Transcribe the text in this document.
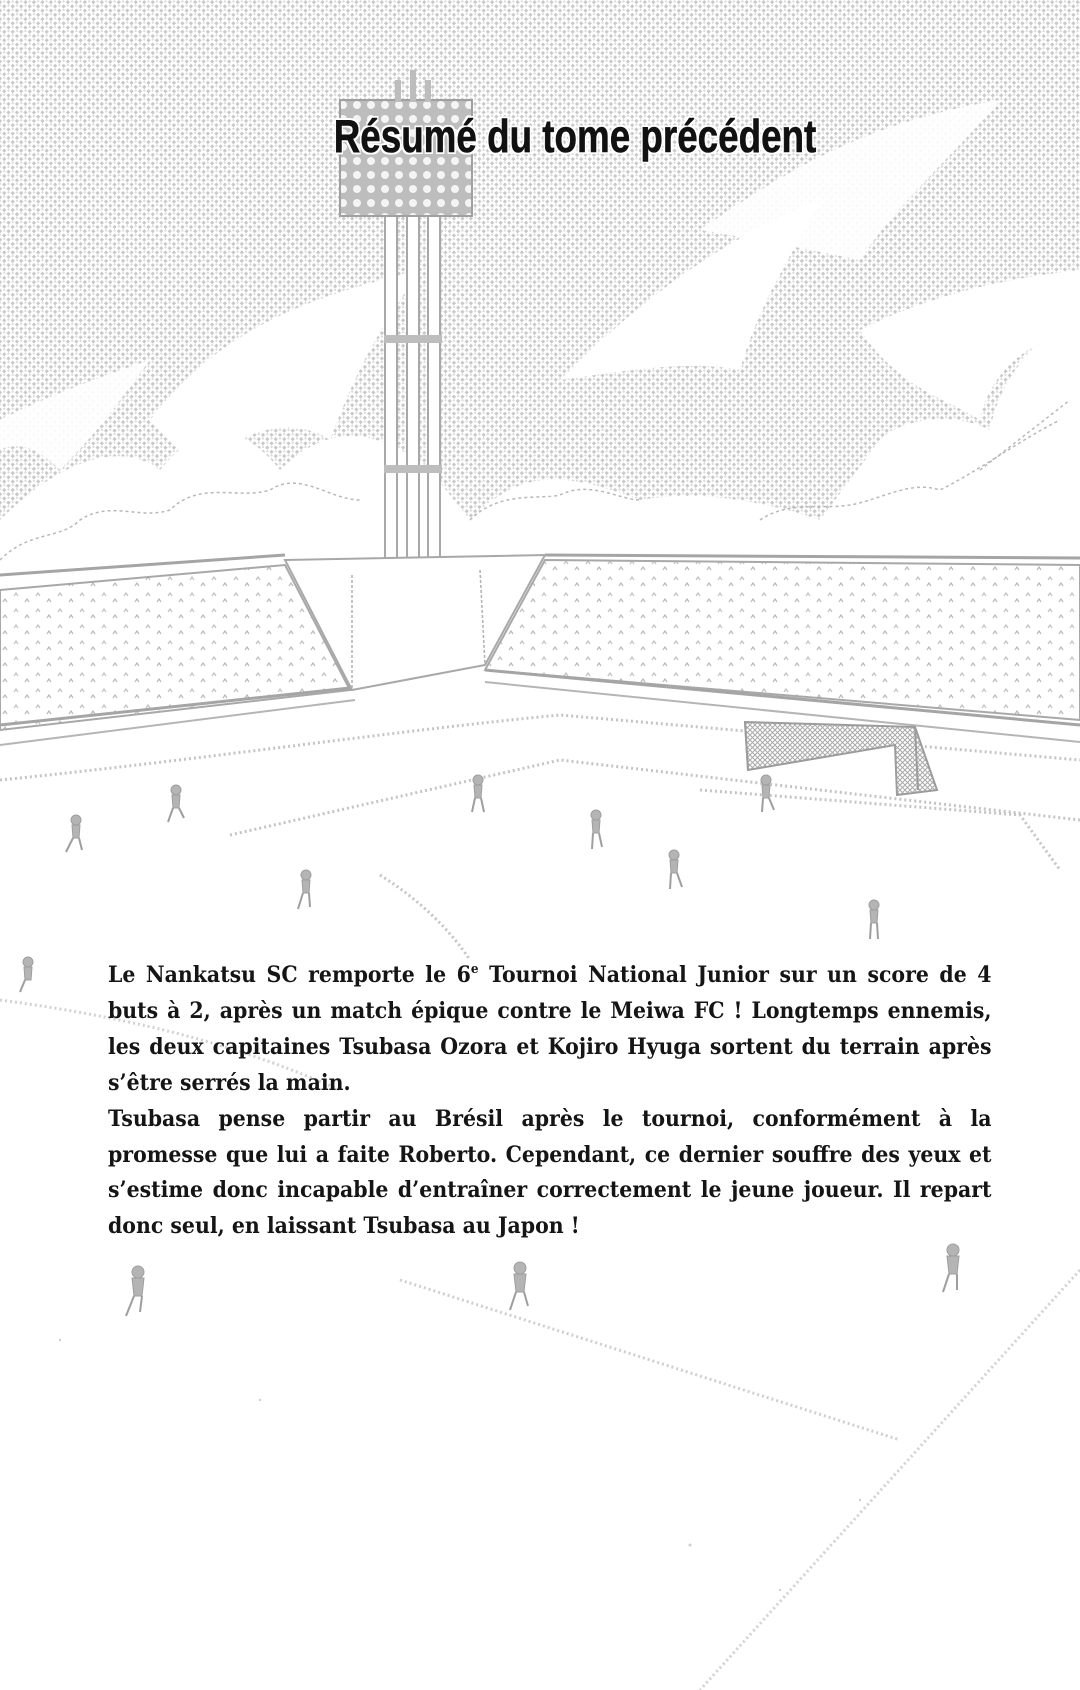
Résumé du tome précédent

Le Nankatsu SC remporte le 6e Tournoi National Junior sur un score de 4 buts à 2, après un match épique contre le Meiwa FC ! Longtemps ennemis, les deux capitaines Tsubasa Ozora et Kojiro Hyuga sortent du terrain après s’être serrés la main.

Tsubasa pense partir au Brésil après le tournoi, conformément à la promesse que lui a faite Roberto. Cependant, ce dernier souffre des yeux et s’estime donc incapable d’entraîner correctement le jeune joueur. Il repart donc seul, en laissant Tsubasa au Japon !
